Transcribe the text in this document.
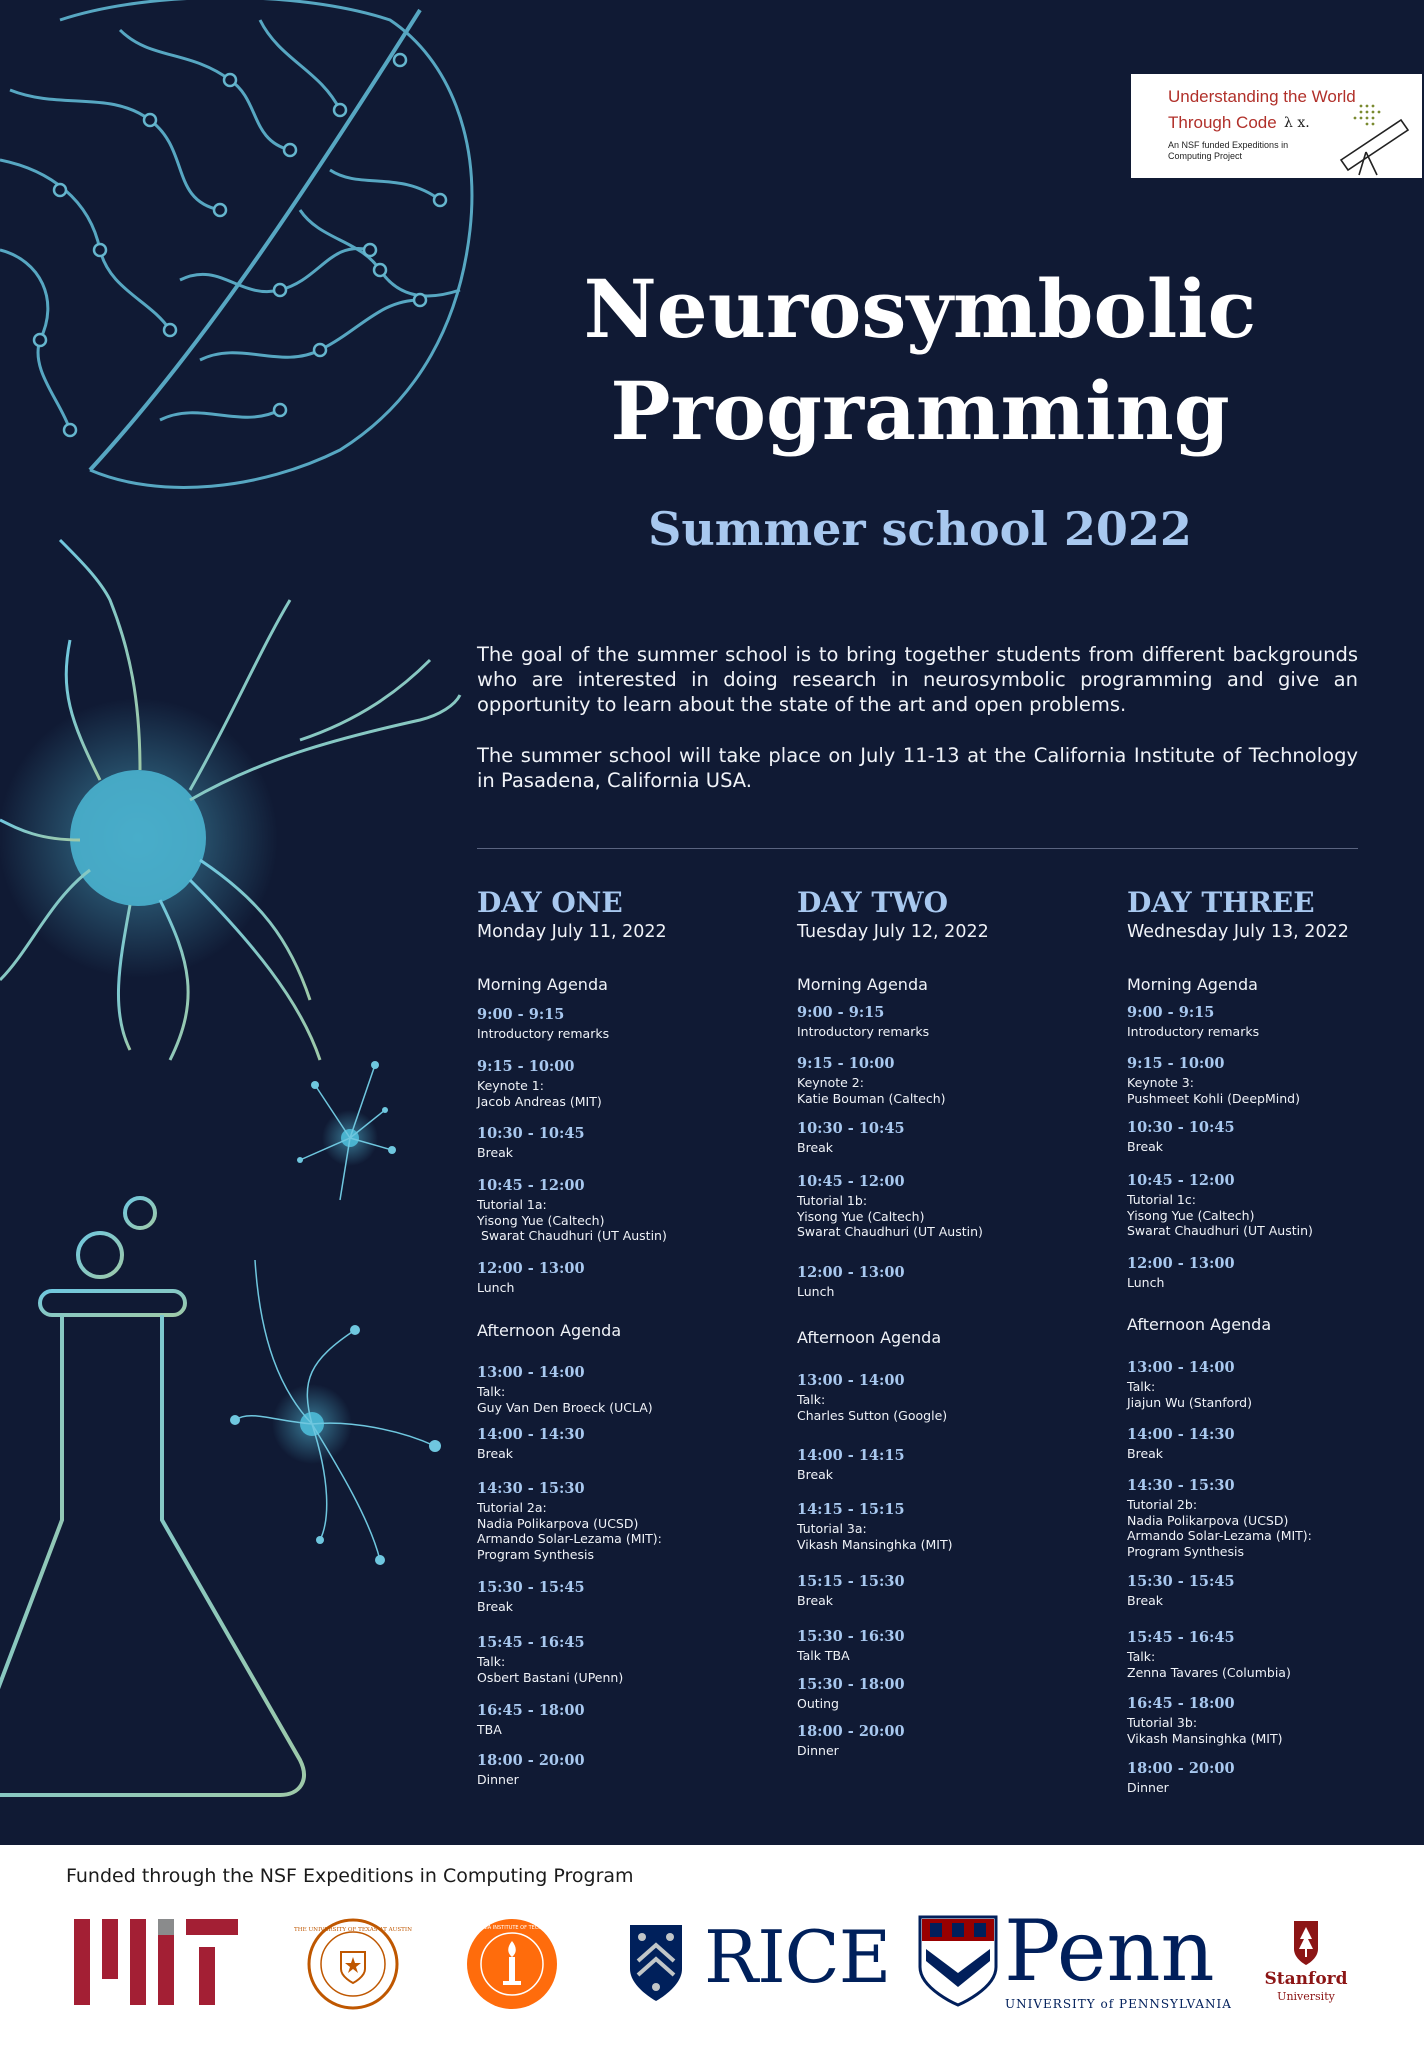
Understanding the World
Through Code λ x.
An NSF funded Expeditions in Computing Project
Neurosymbolic
Programming
Summer school 2022
The goal of the summer school is to bring together students from different backgrounds who are interested in doing research in neurosymbolic programming and give an opportunity to learn about the state of the art and open problems.
The summer school will take place on July 11-13 at the California Institute of Technology in Pasadena, California USA.
DAY ONE
Monday July 11, 2022
Morning Agenda
Afternoon Agenda
9:00 - 9:15
Introductory remarks
9:15 - 10:00
Keynote 1:
Jacob Andreas (MIT)
10:30 - 10:45
Break
10:45 - 12:00
Tutorial 1a:
Yisong Yue (Caltech)
Swarat Chaudhuri (UT Austin)
12:00 - 13:00
Lunch
13:00 - 14:00
Talk:
Guy Van Den Broeck (UCLA)
14:00 - 14:30
Break
14:30 - 15:30
Tutorial 2a:
Nadia Polikarpova (UCSD)
Armando Solar-Lezama (MIT):
Program Synthesis
15:30 - 15:45
Break
15:45 - 16:45
Talk:
Osbert Bastani (UPenn)
16:45 - 18:00
TBA
18:00 - 20:00
Dinner
DAY TWO
Tuesday July 12, 2022
Morning Agenda
Afternoon Agenda
9:00 - 9:15
Introductory remarks
9:15 - 10:00
Keynote 2:
Katie Bouman (Caltech)
10:30 - 10:45
Break
10:45 - 12:00
Tutorial 1b:
Yisong Yue (Caltech)
Swarat Chaudhuri (UT Austin)
12:00 - 13:00
Lunch
13:00 - 14:00
Talk:
Charles Sutton (Google)
14:00 - 14:15
Break
14:15 - 15:15
Tutorial 3a:
Vikash Mansinghka (MIT)
15:15 - 15:30
Break
15:30 - 16:30
Talk TBA
15:30 - 18:00
Outing
18:00 - 20:00
Dinner
DAY THREE
Wednesday July 13, 2022
Morning Agenda
Afternoon Agenda
9:00 - 9:15
Introductory remarks
9:15 - 10:00
Keynote 3:
Pushmeet Kohli (DeepMind)
10:30 - 10:45
Break
10:45 - 12:00
Tutorial 1c:
Yisong Yue (Caltech)
Swarat Chaudhuri (UT Austin)
12:00 - 13:00
Lunch
13:00 - 14:00
Talk:
Jiajun Wu (Stanford)
14:00 - 14:30
Break
14:30 - 15:30
Tutorial 2b:
Nadia Polikarpova (UCSD)
Armando Solar-Lezama (MIT):
Program Synthesis
15:30 - 15:45
Break
15:45 - 16:45
Talk:
Zenna Tavares (Columbia)
16:45 - 18:00
Tutorial 3b:
Vikash Mansinghka (MIT)
18:00 - 20:00
Dinner
Funded through the NSF Expeditions in Computing Program
THE UNIVERSITY OF TEXAS AT AUSTIN	CALIFORNIA INSTITUTE OF TECHNOLOGY RICE Penn
UNIVERSITY of PENNSYLVANIA
Stanford
University
